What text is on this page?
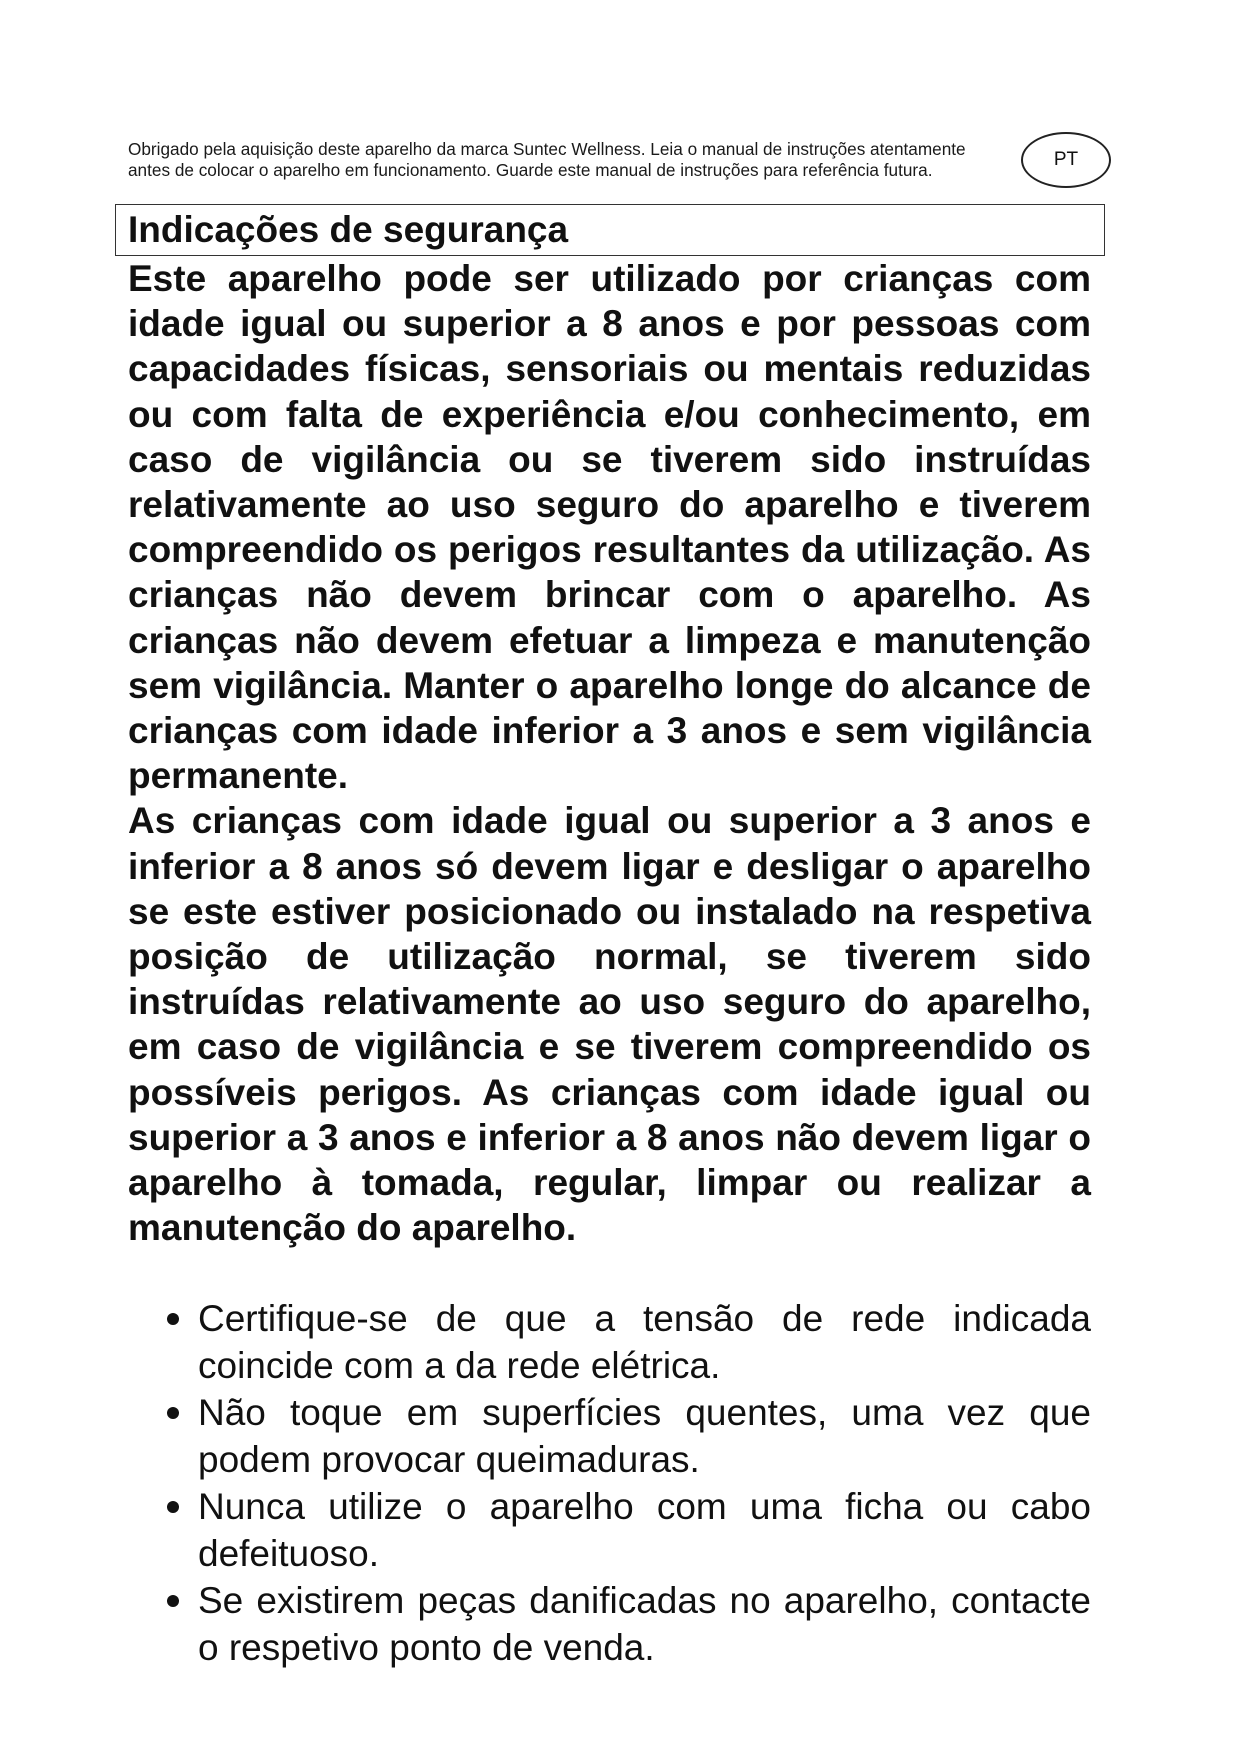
Obrigado pela aquisição deste aparelho da marca Suntec Wellness. Leia o manual de instruções atentamente antes de colocar o aparelho em funcionamento. Guarde este manual de instruções para referência futura.	PT
Indicações de segurança

Este aparelho pode ser utilizado por crianças com idade igual ou superior a 8 anos e por pessoas com capacidades físicas, sensoriais ou mentais reduzidas ou com falta de experiência e/ou conhecimento, em caso de vigilância ou se tiverem sido instruídas relativamente ao uso seguro do aparelho e tiverem compreendido os perigos resultantes da utilização. As crianças não devem brincar com o aparelho. As crianças não devem efetuar a limpeza e manutenção sem vigilância. Manter o aparelho longe do alcance de crianças com idade inferior a 3 anos e sem vigilância permanente.

As crianças com idade igual ou superior a 3 anos e inferior a 8 anos só devem ligar e desligar o aparelho se este estiver posicionado ou instalado na respetiva posição de utilização normal, se tiverem sido instruídas relativamente ao uso seguro do aparelho, em caso de vigilância e se tiverem compreendido os possíveis perigos. As crianças com idade igual ou superior a 3 anos e inferior a 8 anos não devem ligar o aparelho à tomada, regular, limpar ou realizar a manutenção do aparelho.

Certifique-se de que a tensão de rede indicada coincide com a da rede elétrica.
Não toque em superfícies quentes, uma vez que podem provocar queimaduras.
Nunca utilize o aparelho com uma ficha ou cabo defeituoso.
Se existirem peças danificadas no aparelho, contacte o respetivo ponto de venda.
